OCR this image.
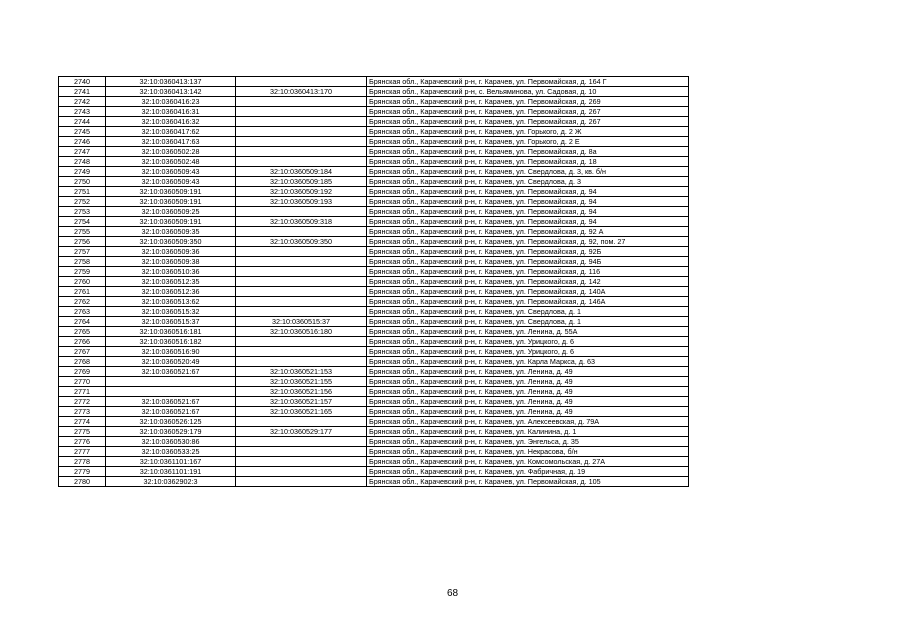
2740	32:10:0360413:137		Брянская обл., Карачевский р-н, г. Карачев, ул. Первомайская, д. 164 Г
2741	32:10:0360413:142	32:10:0360413:170	Брянская обл., Карачевский р-н, с. Вельяминова, ул. Садовая, д. 10
2742	32:10:0360416:23		Брянская обл., Карачевский р-н, г. Карачев, ул. Первомайская, д. 269
2743	32:10:0360416:31		Брянская обл., Карачевский р-н, г. Карачев, ул. Первомайская, д. 267
2744	32:10:0360416:32		Брянская обл., Карачевский р-н, г. Карачев, ул. Первомайская, д. 267
2745	32:10:0360417:62		Брянская обл., Карачевский р-н, г. Карачев, ул. Горького, д. 2 Ж
2746	32:10:0360417:63		Брянская обл., Карачевский р-н, г. Карачев, ул. Горького, д. 2 Е
2747	32:10:0360502:28		Брянская обл., Карачевский р-н, г. Карачев, ул. Первомайская, д. 8а
2748	32:10:0360502:48		Брянская обл., Карачевский р-н, г. Карачев, ул. Первомайская, д. 18
2749	32:10:0360509:43	32:10:0360509:184	Брянская обл., Карачевский р-н, г. Карачев, ул. Свердлова, д. 3, кв. б/н
2750	32:10:0360509:43	32:10:0360509:185	Брянская обл., Карачевский р-н, г. Карачев, ул. Свердлова, д. 3
2751	32:10:0360509:191	32:10:0360509:192	Брянская обл., Карачевский р-н, г. Карачев, ул. Первомайская, д. 94
2752	32:10:0360509:191	32:10:0360509:193	Брянская обл., Карачевский р-н, г. Карачев, ул. Первомайская, д. 94
2753	32:10:0360509:25		Брянская обл., Карачевский р-н, г. Карачев, ул. Первомайская, д. 94
2754	32:10:0360509:191	32:10:0360509:318	Брянская обл., Карачевский р-н, г. Карачев, ул. Первомайская, д. 94
2755	32:10:0360509:35		Брянская обл., Карачевский р-н, г. Карачев, ул. Первомайская, д. 92 А
2756	32:10:0360509:350	32:10:0360509:350	Брянская обл., Карачевский р-н, г. Карачев, ул. Первомайская, д. 92, пом. 27
2757	32:10:0360509:36		Брянская обл., Карачевский р-н, г. Карачев, ул. Первомайская, д. 92Б
2758	32:10:0360509:38		Брянская обл., Карачевский р-н, г. Карачев, ул. Первомайская, д. 94Б
2759	32:10:0360510:36		Брянская обл., Карачевский р-н, г. Карачев, ул. Первомайская, д. 116
2760	32:10:0360512:35		Брянская обл., Карачевский р-н, г. Карачев, ул. Первомайская, д. 142
2761	32:10:0360512:36		Брянская обл., Карачевский р-н, г. Карачев, ул. Первомайская, д. 140А
2762	32:10:0360513:62		Брянская обл., Карачевский р-н, г. Карачев, ул. Первомайская, д. 146А
2763	32:10:0360515:32		Брянская обл., Карачевский р-н, г. Карачев, ул. Свердлова, д. 1
2764	32:10:0360515:37	32:10:0360515:37	Брянская обл., Карачевский р-н, г. Карачев, ул. Свердлова, д. 1
2765	32:10:0360516:181	32:10:0360516:180	Брянская обл., Карачевский р-н, г. Карачев, ул. Ленина, д. 55А
2766	32:10:0360516:182		Брянская обл., Карачевский р-н, г. Карачев, ул. Урицкого, д. 6
2767	32:10:0360516:90		Брянская обл., Карачевский р-н, г. Карачев, ул. Урицкого, д. 6
2768	32:10:0360520:49		Брянская обл., Карачевский р-н, г. Карачев, ул. Карла Маркса, д. 63
2769	32:10:0360521:67	32:10:0360521:153	Брянская обл., Карачевский р-н, г. Карачев, ул. Ленина, д. 49
2770		32:10:0360521:155	Брянская обл., Карачевский р-н, г. Карачев, ул. Ленина, д. 49
2771		32:10:0360521:156	Брянская обл., Карачевский р-н, г. Карачев, ул. Ленина, д. 49
2772	32:10:0360521:67	32:10:0360521:157	Брянская обл., Карачевский р-н, г. Карачев, ул. Ленина, д. 49
2773	32:10:0360521:67	32:10:0360521:165	Брянская обл., Карачевский р-н, г. Карачев, ул. Ленина, д. 49
2774	32:10:0360526:125		Брянская обл., Карачевский р-н, г. Карачев, ул. Алексеевская, д. 79А
2775	32:10:0360529:179	32:10:0360529:177	Брянская обл., Карачевский р-н, г. Карачев, ул. Калинина, д. 1
2776	32:10:0360530:86		Брянская обл., Карачевский р-н, г. Карачев, ул. Энгельса, д. 35
2777	32:10:0360533:25		Брянская обл., Карачевский р-н, г. Карачев, ул. Некрасова, б/н
2778	32:10:0361101:167		Брянская обл., Карачевский р-н, г. Карачев, ул. Комсомольская, д. 27А
2779	32:10:0361101:191		Брянская обл., Карачевский р-н, г. Карачев, ул. Фабричная, д. 19
2780	32:10:0362902:3		Брянская обл., Карачевский р-н, г. Карачев, ул. Первомайская, д. 105
68
